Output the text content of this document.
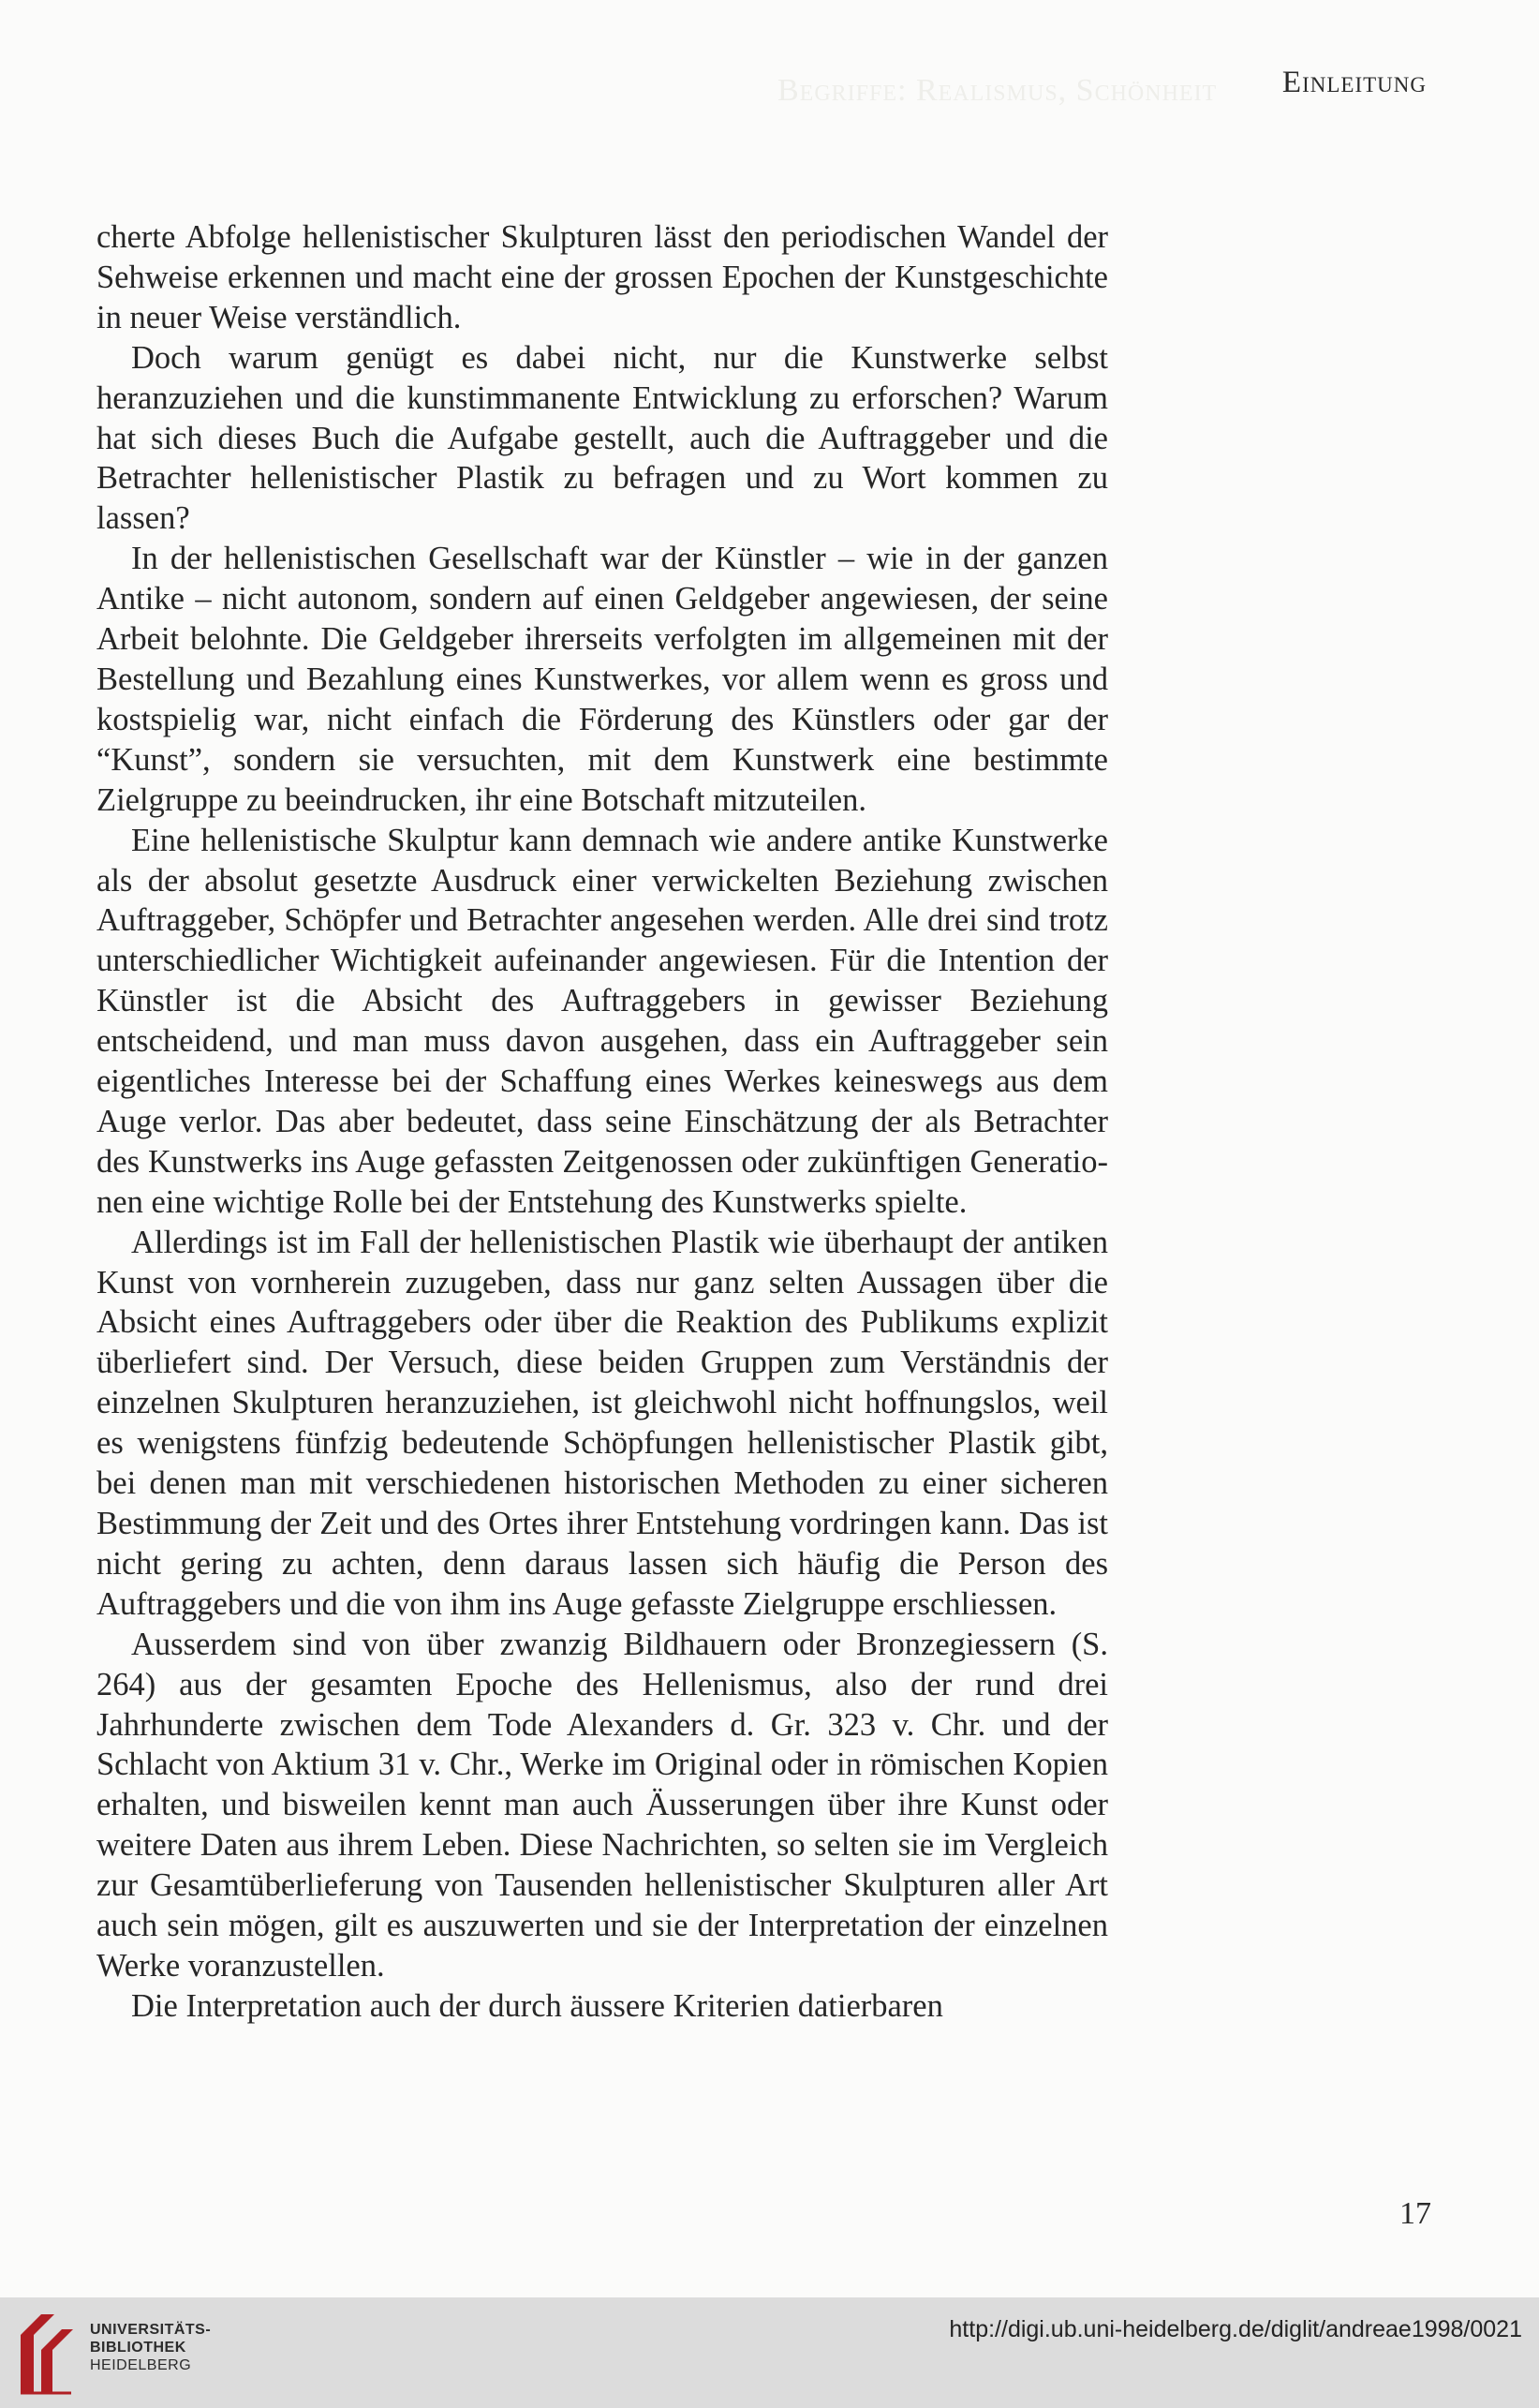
Begriffe: Realismus, Schönheit Einleitung

cherte Abfolge hellenistischer Skulpturen lässt den periodischen Wandel der Sehweise erkennen und macht eine der grossen Epochen der Kunstgeschichte in neuer Weise verständlich.

Doch warum genügt es dabei nicht, nur die Kunstwerke selbst heranzuziehen und die kunstimmanente Entwicklung zu erforschen? Warum hat sich dieses Buch die Aufgabe gestellt, auch die Auftraggeber und die Betrachter hellenistischer Plastik zu befragen und zu Wort kommen zu lassen?

In der hellenistischen Gesellschaft war der Künstler – wie in der ganzen Antike – nicht autonom, sondern auf einen Geldgeber angewiesen, der seine Arbeit belohnte. Die Geldgeber ihrerseits verfolgten im allgemeinen mit der Bestellung und Bezahlung eines Kunstwerkes, vor allem wenn es gross und kostspielig war, nicht einfach die Förderung des Künstlers oder gar der “Kunst”, sondern sie versuchten, mit dem Kunstwerk eine bestimmte Zielgruppe zu beeindrucken, ihr eine Botschaft mitzuteilen.

Eine hellenistische Skulptur kann demnach wie andere antike Kunstwerke als der absolut gesetzte Ausdruck einer verwickelten Beziehung zwischen Auftraggeber, Schöpfer und Betrachter angesehen werden. Alle drei sind trotz unterschiedlicher Wichtigkeit aufeinander angewiesen. Für die Intention der Künstler ist die Absicht des Auftraggebers in gewisser Beziehung entscheidend, und man muss davon ausgehen, dass ein Auftraggeber sein eigentliches Interesse bei der Schaffung eines Werkes keineswegs aus dem Auge verlor. Das aber bedeutet, dass seine Einschätzung der als Betrachter des Kunstwerks ins Auge gefassten Zeitgenossen oder zukünftigen Generationen eine wichtige Rolle bei der Entstehung des Kunstwerks spielte.

Allerdings ist im Fall der hellenistischen Plastik wie überhaupt der antiken Kunst von vornherein zuzugeben, dass nur ganz selten Aussagen über die Absicht eines Auftraggebers oder über die Reaktion des Publikums explizit überliefert sind. Der Versuch, diese beiden Gruppen zum Verständnis der einzelnen Skulpturen heranzuziehen, ist gleichwohl nicht hoffnungslos, weil es wenigstens fünfzig bedeutende Schöpfungen hellenistischer Plastik gibt, bei denen man mit verschiedenen historischen Methoden zu einer sicheren Bestimmung der Zeit und des Ortes ihrer Entstehung vordringen kann. Das ist nicht gering zu achten, denn daraus lassen sich häufig die Person des Auftraggebers und die von ihm ins Auge gefasste Zielgruppe erschliessen.

Ausserdem sind von über zwanzig Bildhauern oder Bronzegiessern (S. 264) aus der gesamten Epoche des Hellenismus, also der rund drei Jahrhunderte zwischen dem Tode Alexanders d. Gr. 323 v. Chr. und der Schlacht von Aktium 31 v. Chr., Werke im Original oder in römischen Kopien erhalten, und bisweilen kennt man auch Äusserungen über ihre Kunst oder weitere Daten aus ihrem Leben. Diese Nachrichten, so selten sie im Vergleich zur Gesamtüberlieferung von Tausenden hellenistischer Skulpturen aller Art auch sein mögen, gilt es auszuwerten und sie der Interpretation der einzelnen Werke voranzustellen.

Die Interpretation auch der durch äussere Kriterien datierbaren

17
UNIVERSITÄTS-
BIBLIOTHEK
HEIDELBERG
http://digi.ub.uni-heidelberg.de/diglit/andreae1998/0021
